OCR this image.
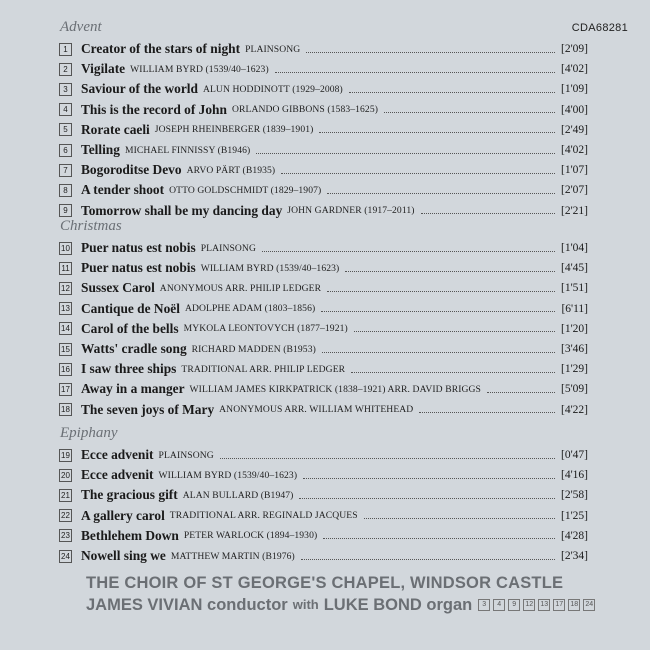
CDA68281
Advent
1 Creator of the stars of night PLAINSONG	[2'09]
2 Vigilate WILLIAM BYRD (1539/40–1623)	[4'02]
3 Saviour of the world ALUN HODDINOTT (1929–2008)	[1'09]
4 This is the record of John ORLANDO GIBBONS (1583–1625)	[4'00]
5 Rorate caeli JOSEPH RHEINBERGER (1839–1901)	[2'49]
6 Telling MICHAEL FINNISSY (B1946)	[4'02]
7 Bogoroditse Devo ARVO PÄRT (B1935)	[1'07]
8 A tender shoot OTTO GOLDSCHMIDT (1829–1907)	[2'07]
9 Tomorrow shall be my dancing day JOHN GARDNER (1917–2011)	[2'21]
Christmas
10 Puer natus est nobis PLAINSONG	[1'04]
11 Puer natus est nobis WILLIAM BYRD (1539/40–1623)	[4'45]
12 Sussex Carol ANONYMOUS ARR. PHILIP LEDGER	[1'51]
13 Cantique de Noël ADOLPHE ADAM (1803–1856)	[6'11]
14 Carol of the bells MYKOLA LEONTOVYCH (1877–1921)	[1'20]
15 Watts' cradle song RICHARD MADDEN (B1953)	[3'46]
16 I saw three ships TRADITIONAL ARR. PHILIP LEDGER	[1'29]
17 Away in a manger WILLIAM JAMES KIRKPATRICK (1838–1921) ARR. DAVID BRIGGS	[5'09]
18 The seven joys of Mary ANONYMOUS ARR. WILLIAM WHITEHEAD	[4'22]
Epiphany
19 Ecce advenit PLAINSONG	[0'47]
20 Ecce advenit WILLIAM BYRD (1539/40–1623)	[4'16]
21 The gracious gift ALAN BULLARD (B1947)	[2'58]
22 A gallery carol TRADITIONAL ARR. REGINALD JACQUES	[1'25]
23 Bethlehem Down PETER WARLOCK (1894–1930)	[4'28]
24 Nowell sing we MATTHEW MARTIN (B1976)	[2'34]
THE CHOIR OF ST GEORGE'S CHAPEL, WINDSOR CASTLE
JAMES VIVIAN
conductor with LUKE BOND
organ	3	4	9	12	13	17	18	24
